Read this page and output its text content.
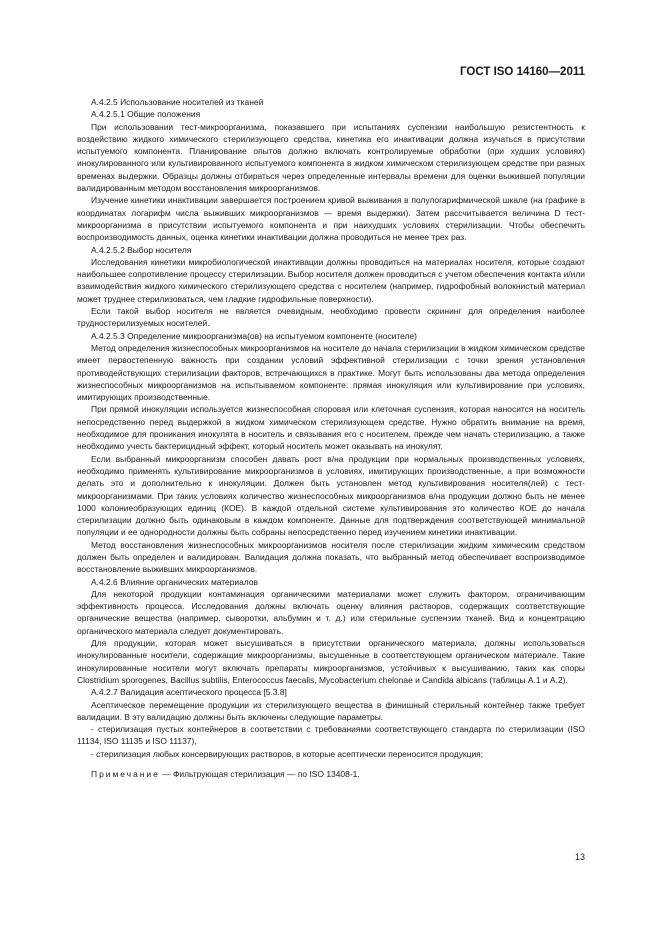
ГОСТ ISO 14160—2011

А.4.2.5 Использование носителей из тканей

А.4.2.5.1 Общие положения

При использовании тест-микроорганизма, показавшего при испытаниях суспензии наибольшую резистентность к воздействию жидкого химического стерилизующего средства, кинетика его инактивации должна изучаться в присутствии испытуемого компонента. Планирование опытов должно включать контролируемые обработки (при худших условиях) инокулированного или культивированного испытуемого компонента в жидком химическом стерилизующем средстве при разных временах выдержки. Образцы должны отбираться через определенные интервалы времени для оценки выжившей популяции валидированным методом восстановления микроорганизмов.

Изучение кинетики инактивации завершается построением кривой выживания в полулогарифмической шкале (на графике в координатах логарифм числа выживших микроорганизмов — время выдержки). Затем рассчитывается величина D тест-микроорганизма в присутствии испытуемого компонента и при наихудших условиях стерилизации. Чтобы обеспечить воспроизводимость данных, оценка кинетики инактивации должна проводиться не менее трех раз.

А.4.2.5.2 Выбор носителя

Исследования кинетики микробиологической инактивации должны проводиться на материалах носителя, которые создают наибольшее сопротивление процессу стерилизации. Выбор носителя должен проводиться с учетом обеспечения контакта и/или взаимодействия жидкого химического стерилизующего средства с носителем (например, гидрофобный волокнистый материал может труднее стерилизоваться, чем гладкие гидрофильные поверхности).

Если такой выбор носителя не является очевидным, необходимо провести скрининг для определения наиболее трудностерилизуемых носителей.

А.4.2.5.3 Определение микроорганизма(ов) на испытуемом компоненте (носителе)

Метод определения жизнеспособных микроорганизмов на носителе до начала стерилизации в жидком химическом средстве имеет первостепенную важность при создании условий эффективной стерилизации с точки зрения установления противодействующих стерилизации факторов, встречающихся в практике. Могут быть использованы два метода определения жизнеспособных микроорганизмов на испытываемом компоненте: прямая инокуляция или культивирование при условиях, имитирующих производственные.

При прямой инокуляции используется жизнеспособная споровая или клеточная суспензия, которая наносится на носитель непосредственно перед выдержкой в жидком химическом стерилизующем средстве. Нужно обратить внимание на время, необходимое для проникания инокулята в носитель и связывания его с носителем, прежде чем начать стерилизацию, а также необходимо учесть бактерицидный эффект, который носитель может оказывать на инокулят.

Если выбранный микроорганизм способен давать рост в/на продукции при нормальных производственных условиях, необходимо применять культивирование микроорганизмов в условиях, имитирующих производственные, а при возможности делать это и дополнительно к инокуляции. Должен быть установлен метод культивирования носителя(лей) с тест-микроорганизмами. При таких условиях количество жизнеспособных микроорганизмов в/на продукции должно быть не менее 1000 колониеобразующих единиц (КОЕ). В каждой отдельной системе культивирования это количество КОЕ до начала стерилизации должно быть одинаковым в каждом компоненте. Данные для подтверждения соответствующей минимальной популяции и ее однородности должны быть собраны непосредственно перед изучением кинетики инактивации.

Метод восстановления жизнеспособных микроорганизмов носителя после стерилизации жидким химическим средством должен быть определен и валидирован. Валидация должна показать, что выбранный метод обеспечивает воспроизводимое восстановление выживших микроорганизмов.

А.4.2.6 Влияние органических материалов

Для некоторой продукции контаминация органическими материалами может служить фактором, ограничивающим эффективность процесса. Исследования должны включать оценку влияния растворов, содержащих соответствующие органические вещества (например, сыворотки, альбумин и т. д.) или стерильные суспензии тканей. Вид и концентрацию органического материала следует документировать.

Для продукции, которая может высушиваться в присутствии органического материала, должны использоваться инокулированные носители, содержащие микроорганизмы, высушенные в соответствующем органическом материале. Такие инокулированные носители могут включать препараты микроорганизмов, устойчивых к высушиванию, таких как споры Clostridium sporogenes, Bacillus subtilis, Enterococcus faecalis, Mycobacterium chelonae и Candida albicans (таблицы А.1 и А.2).

А.4.2.7 Валидация асептического процесса [5.3.8]

Асептическое перемещение продукции из стерилизующего вещества в финишный стерильный контейнер также требует валидации. В эту валидацию должны быть включены следующие параметры.

- стерилизация пустых контейнеров в соответствии с требованиями соответствующего стандарта по стерилизации (ISO 11134, ISO 11135 и ISO 11137),

- стерилизация любых консервирующих растворов, в которые асептически переносится продукция;

Примечание — Фильтрующая стерилизация — по ISO 13408-1.

13
